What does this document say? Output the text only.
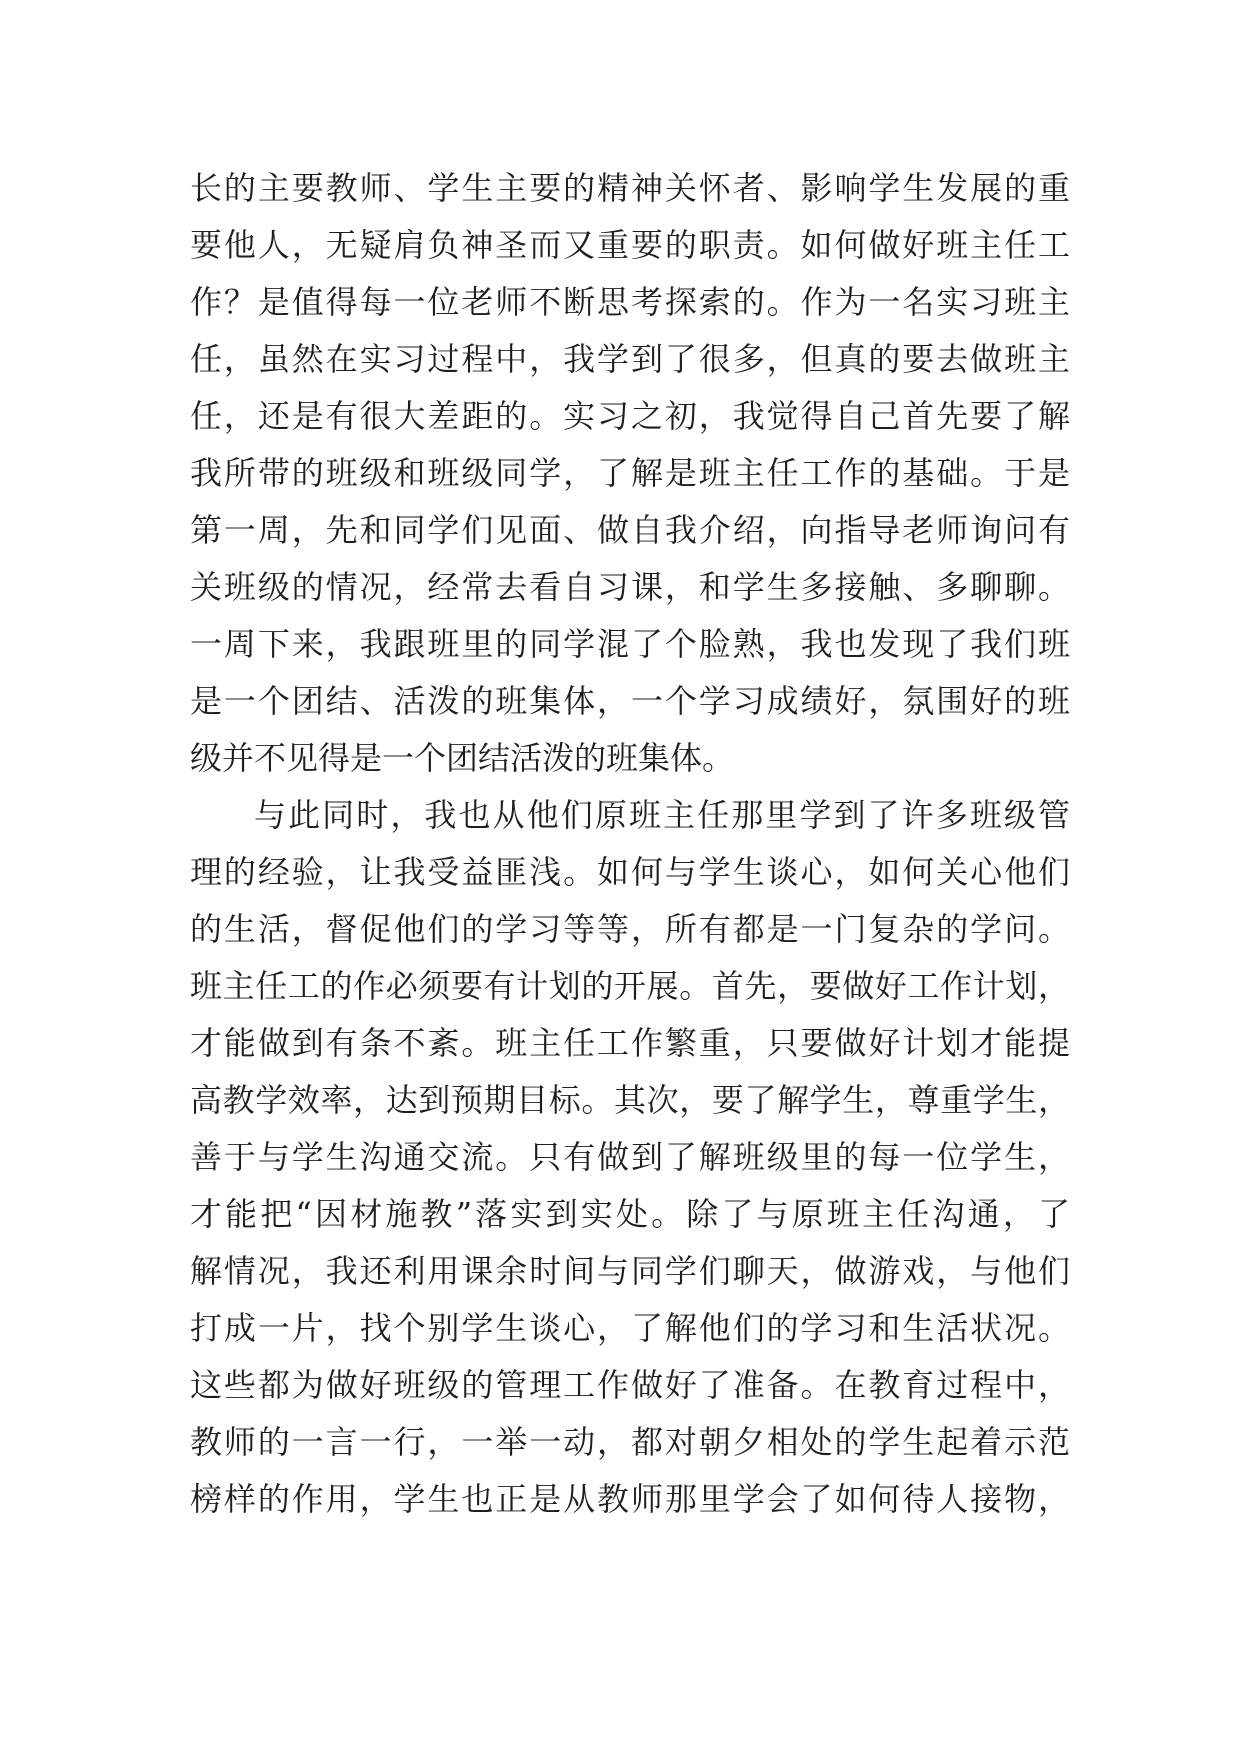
长的主要教师、学生主要的精神关怀者、影响学生发展的重
要他人，无疑肩负神圣而又重要的职责。如何做好班主任工
作？是值得每一位老师不断思考探索的。作为一名实习班主
任，虽然在实习过程中，我学到了很多，但真的要去做班主
任，还是有很大差距的。实习之初，我觉得自己首先要了解
我所带的班级和班级同学，了解是班主任工作的基础。于是
第一周，先和同学们见面、做自我介绍，向指导老师询问有
关班级的情况，经常去看自习课，和学生多接触、多聊聊。
一周下来，我跟班里的同学混了个脸熟，我也发现了我们班
是一个团结、活泼的班集体，一个学习成绩好，氛围好的班
级并不见得是一个团结活泼的班集体。
与此同时，我也从他们原班主任那里学到了许多班级管
理的经验，让我受益匪浅。如何与学生谈心，如何关心他们
的生活，督促他们的学习等等，所有都是一门复杂的学问。
班主任工的作必须要有计划的开展。首先，要做好工作计划，
才能做到有条不紊。班主任工作繁重，只要做好计划才能提
高教学效率，达到预期目标。其次，要了解学生，尊重学生，
善于与学生沟通交流。只有做到了解班级里的每一位学生，
才能把“因材施教”落实到实处。除了与原班主任沟通，了
解情况，我还利用课余时间与同学们聊天，做游戏，与他们
打成一片，找个别学生谈心，了解他们的学习和生活状况。
这些都为做好班级的管理工作做好了准备。在教育过程中，
教师的一言一行，一举一动，都对朝夕相处的学生起着示范
榜样的作用，学生也正是从教师那里学会了如何待人接物，
